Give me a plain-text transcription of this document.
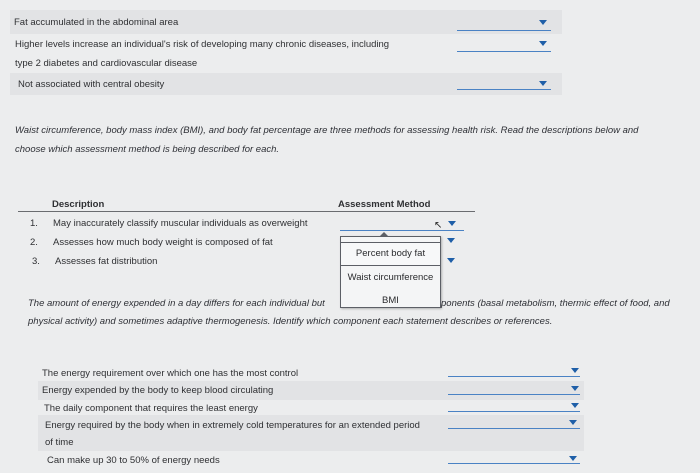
Fat accumulated in the abdominal area
Higher levels increase an individual's risk of developing many chronic diseases, including
type 2 diabetes and cardiovascular disease
Not associated with central obesity
Waist circumference, body mass index (BMI), and body fat percentage are three methods for assessing health risk. Read the descriptions below and
choose which assessment method is being described for each.
Description	Assessment Method
1. May inaccurately classify muscular individuals as overweight
2. Assesses how much body weight is composed of fat
3. Assesses fat distribution
↖
Percent body fat
Waist circumference
BMI
The amount of energy expended in a day differs for each individual but	ponents (basal metabolism, thermic effect of food, and
physical activity) and sometimes adaptive thermogenesis. Identify which component each statement describes or references.
The energy requirement over which one has the most control
Energy expended by the body to keep blood circulating
The daily component that requires the least energy
Energy required by the body when in extremely cold temperatures for an extended period
of time
Can make up 30 to 50% of energy needs
